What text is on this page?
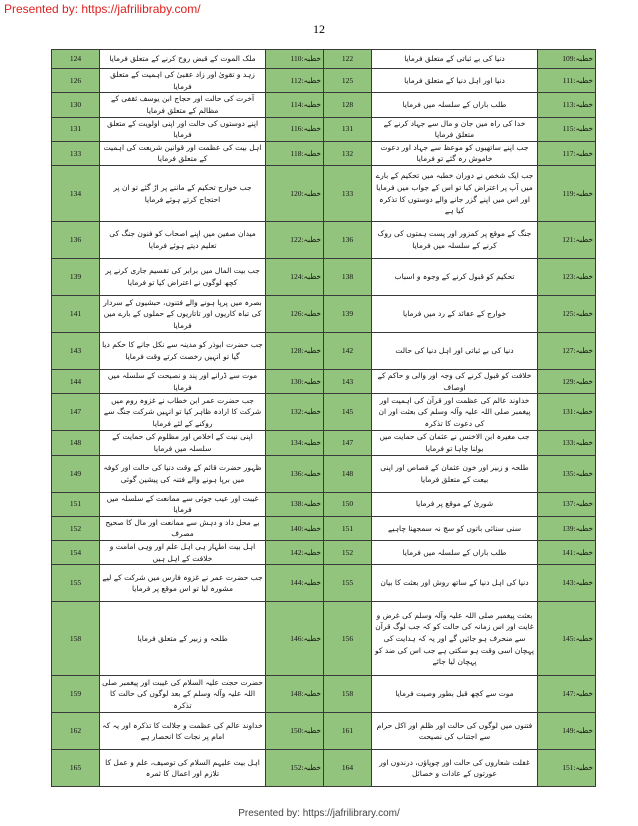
Presented by: https://jafrilibraby.com/
12
124	ملک الموت کے قبض روح کرنے کے متعلق فرمایا	خطبہ:110	122	دنیا کی بے ثباتی کے متعلق فرمایا	خطبہ:109
126	زہد و تقویٰ اور زاد عقبیٰ کی اہمیت کے متعلق فرمایا	خطبہ:112	125	دنیا اور اہل دنیا کے متعلق فرمایا	خطبہ:111
130	آخرت کی حالت اور حجاج ابن یوسف ثقفی کے مظالم کے متعلق فرمایا	خطبہ:114	128	طلب باراں کے سلسلہ میں فرمایا	خطبہ:113
131	اپنے دوستوں کی حالت اور اپنی اولویت کے متعلق فرمایا	خطبہ:116	131	خدا کی راہ میں جان و مال سے جہاد کرنے کے متعلق فرمایا	خطبہ:115
133	اہل بیت کی عظمت اور قوانین شریعت کی اہمیت کے متعلق فرمایا	خطبہ:118	132	جب اپنے ساتھیوں کو موعظ سے جہاد اور دعوت خاموش رہ گئے تو فرمایا	خطبہ:117
134	جب خوارج تحکیم کے ماننے پر اڑ گئے تو ان پر احتجاج کرتے ہوئے فرمایا	خطبہ:120	133	جب ایک شخص نے دوران خطبہ میں تحکیم کے بارے میں آپ پر اعتراض کیا تو اس کے جواب میں فرمایا اور اس میں اپنے گزر جانے والے دوستوں کا تذکرہ کیا ہے	خطبہ:119
136	میدان صفین میں اپنے اصحاب کو فنون جنگ کی تعلیم دیتے ہوئے فرمایا	خطبہ:122	136	جنگ کے موقع پر کمزور اور پست ہمتوں کی روک کرنے کے سلسلہ میں فرمایا	خطبہ:121
139	جب بیت المال میں برابر کی تقسیم جاری کرنے پر کچھ لوگوں نے اعتراض کیا تو فرمایا	خطبہ:124	138	تحکیم کو قبول کرنے کے وجوہ و اسباب	خطبہ:123
141	بصرہ میں پرپا ہونے والے فتنوں، حبشیوں کے سردار کی تباہ کاریوں اور تاتاریوں کے حملوں کے بارے میں فرمایا	خطبہ:126	139	خوارج کے عقائد کے رد میں فرمایا	خطبہ:125
143	جب حضرت ابوذر کو مدینہ سے نکل جانے کا حکم دیا گیا تو انہیں رخصت کرتے وقت فرمایا	خطبہ:128	142	دنیا کی بے ثباتی اور اہل دنیا کی حالت	خطبہ:127
144	موت سے ڈرانے اور پند و نصیحت کے سلسلہ میں فرمایا	خطبہ:130	143	خلافت کو قبول کرنے کی وجہ اور والی و حاکم کے اوصاف	خطبہ:129
147	جب حضرت عمر ابن خطاب نے غزوہ روم میں شرکت کا ارادہ ظاہر کیا تو انہیں شرکت جنگ سے روکنے کے لئے فرمایا	خطبہ:132	145	خداوند عالم کی عظمت اور قرآن کی اہمیت اور پیغمبر صلی اللہ علیہ وآلہ وسلم کی بعثت اور ان کی دعوت کا تذکرہ	خطبہ:131
148	اپنی نیت کے اخلاص اور مظلوم کی حمایت کے سلسلہ میں فرمایا	خطبہ:134	147	جب مغیرہ ابن الاخنس نے عثمان کی حمایت میں بولنا چاہا تو فرمایا	خطبہ:133
149	ظہور حضرت قائم کے وقت دنیا کی حالت اور کوفہ میں برپا ہونے والے فتنہ کی پیشین گوئی	خطبہ:136	148	طلحہ و زبیر اور خون عثمان کے قصاص اور اپنی بیعت کے متعلق فرمایا	خطبہ:135
151	غیبت اور عیب جوئی سے ممانعت کے سلسلہ میں فرمایا	خطبہ:138	150	شوریٰ کے موقع پر فرمایا	خطبہ:137
152	بے محل داد و دہش سے ممانعت اور مال کا صحیح مصرف	خطبہ:140	151	سنی سنائی باتوں کو سچ نہ سمجھنا چاہیے	خطبہ:139
154	اہل بیت اطہار ہی اہل علم اور وہی امامت و خلافت کے اہل ہیں	خطبہ:142	152	طلب باراں کے سلسلہ میں فرمایا	خطبہ:141
155	جب حضرت عمر نے غزوہ فارس میں شرکت کے لیے مشورہ لیا تو اس موقع پر فرمایا	خطبہ:144	155	دنیا کی اہل دنیا کے ساتھ روش اور بعثت کا بیان	خطبہ:143
158	طلحہ و زبیر کے متعلق فرمایا	خطبہ:146	156	بعثت پیغمبر صلی اللہ علیہ وآلہ وسلم کی غرض و غایت اور اس زمانہ کی حالت کو کہ جب لوگ قرآن سے منحرف ہو جائیں گے اور یہ کہ ہدایت کی پہچان اسی وقت ہو سکتی ہے جب اس کی ضد کو پہچان لیا جائے	خطبہ:145
159	حضرت حجت علیہ السلام کی غیبت اور پیغمبر صلی اللہ علیہ وآلہ وسلم کے بعد لوگوں کی حالت کا تذکرہ	خطبہ:148	158	موت سے کچھ قبل بطور وصیت فرمایا	خطبہ:147
162	خداوند عالم کی عظمت و جلالت کا تذکرہ اور یہ کہ امام پر نجات کا انحصار ہے	خطبہ:150	161	فتنوں میں لوگوں کی حالت اور ظلم اور اکل حرام سے اجتناب کی نصیحت	خطبہ:149
165	اہل بیت علیہم السلام کی توصیف، علم و عمل کا تلازم اور اعمال کا ثمرہ	خطبہ:152	164	غفلت شعاروں کی حالت اور چوپاؤں، درندوں اور عورتوں کے عادات و خصائل	خطبہ:151
Presented by: https://jafrilibrary.com/
